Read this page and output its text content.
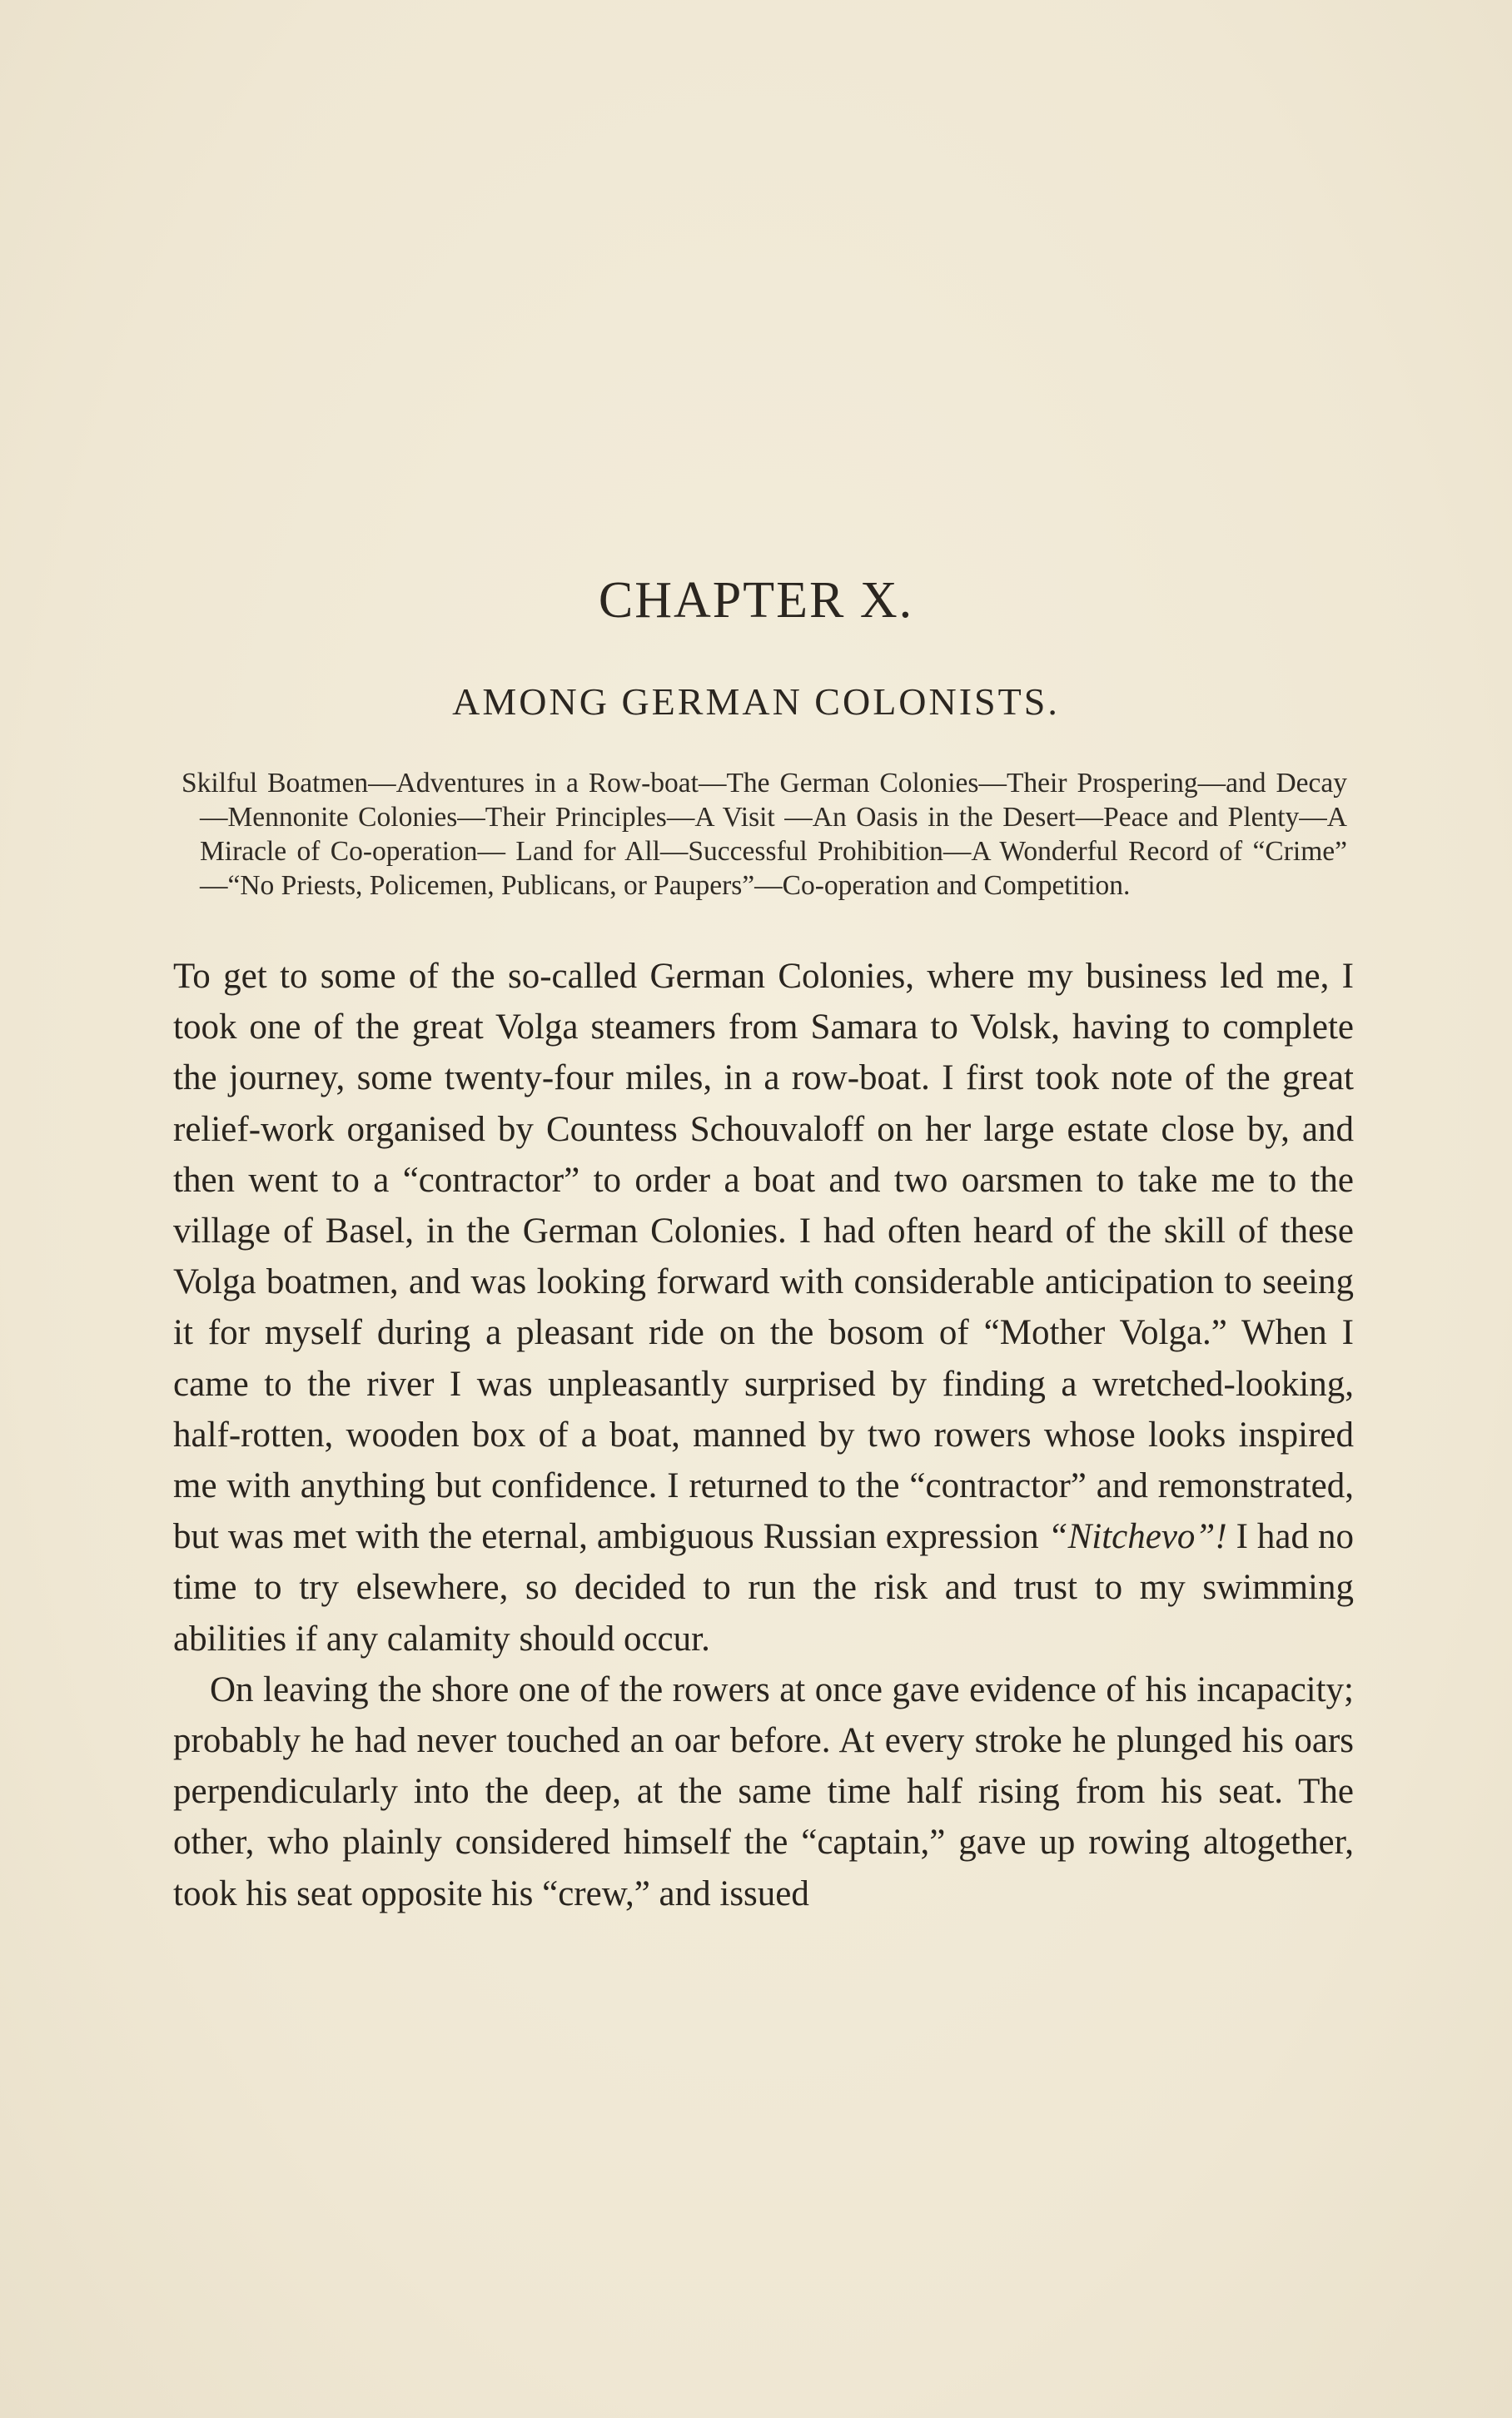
CHAPTER X.
AMONG GERMAN COLONISTS.

Skilful Boatmen—Adventures in a Row-boat—The German Colonies—Their Prospering—and Decay—Mennonite Colonies—Their Principles—A Visit —An Oasis in the Desert—Peace and Plenty—A Miracle of Co-operation— Land for All—Successful Prohibition—A Wonderful Record of “Crime” —“No Priests, Policemen, Publicans, or Paupers”—Co-operation and Competition.

To get to some of the so-called German Colonies, where my business led me, I took one of the great Volga steamers from Samara to Volsk, having to complete the journey, some twenty-four miles, in a row-boat. I first took note of the great relief-work organised by Countess Schouvaloff on her large estate close by, and then went to a “contractor” to order a boat and two oarsmen to take me to the village of Basel, in the German Colonies. I had often heard of the skill of these Volga boatmen, and was looking forward with considerable anticipation to seeing it for myself during a pleasant ride on the bosom of “Mother Volga.” When I came to the river I was unpleasantly surprised by finding a wretched-looking, half-rotten, wooden box of a boat, manned by two rowers whose looks inspired me with anything but confidence. I returned to the “contractor” and remonstrated, but was met with the eternal, ambiguous Russian expression “Nitchevo”! I had no time to try elsewhere, so decided to run the risk and trust to my swimming abilities if any calamity should occur.

On leaving the shore one of the rowers at once gave evidence of his incapacity; probably he had never touched an oar before. At every stroke he plunged his oars perpendicularly into the deep, at the same time half rising from his seat. The other, who plainly considered himself the “captain,” gave up rowing altogether, took his seat opposite his “crew,” and issued
